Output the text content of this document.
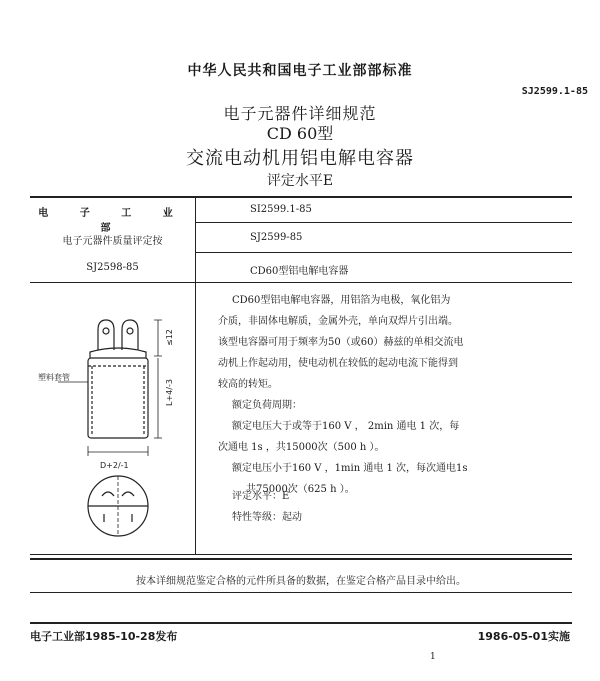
中华人民共和国电子工业部部标准
SJ2599.1-85
电子元器件详细规范
CD 60型
交流电动机用铝电解电容器
评定水平E
电 子 工 业 部
SI2599.1-85
电子元器件质量评定按	SJ2599-85
SJ2598-85	CD60型铝电解电容器
塑料套管
≤12
L+4/-3
D+2/-1

CD60型铝电解电容器，用铝箔为电极，氧化铝为

介质，非固体电解质，金属外壳，单向双焊片引出端。

该型电容器可用于频率为50（或60）赫兹的单相交流电

动机上作起动用，使电动机在较低的起动电流下能得到

较高的转矩。

额定负荷周期：

额定电压大于或等于160 V ， 2min 通电 1 次，每

次通电 1s ，共15000次（500 h ）。

额定电压小于160 V ，1min 通电 1 次，每次通电1s

共75000次（625 h ）。

评定水平：E
特性等级：起动
按本详细规范鉴定合格的元件所具备的数据，在鉴定合格产品目录中给出。
电子工业部1985-10-28发布	1986-05-01实施
1
